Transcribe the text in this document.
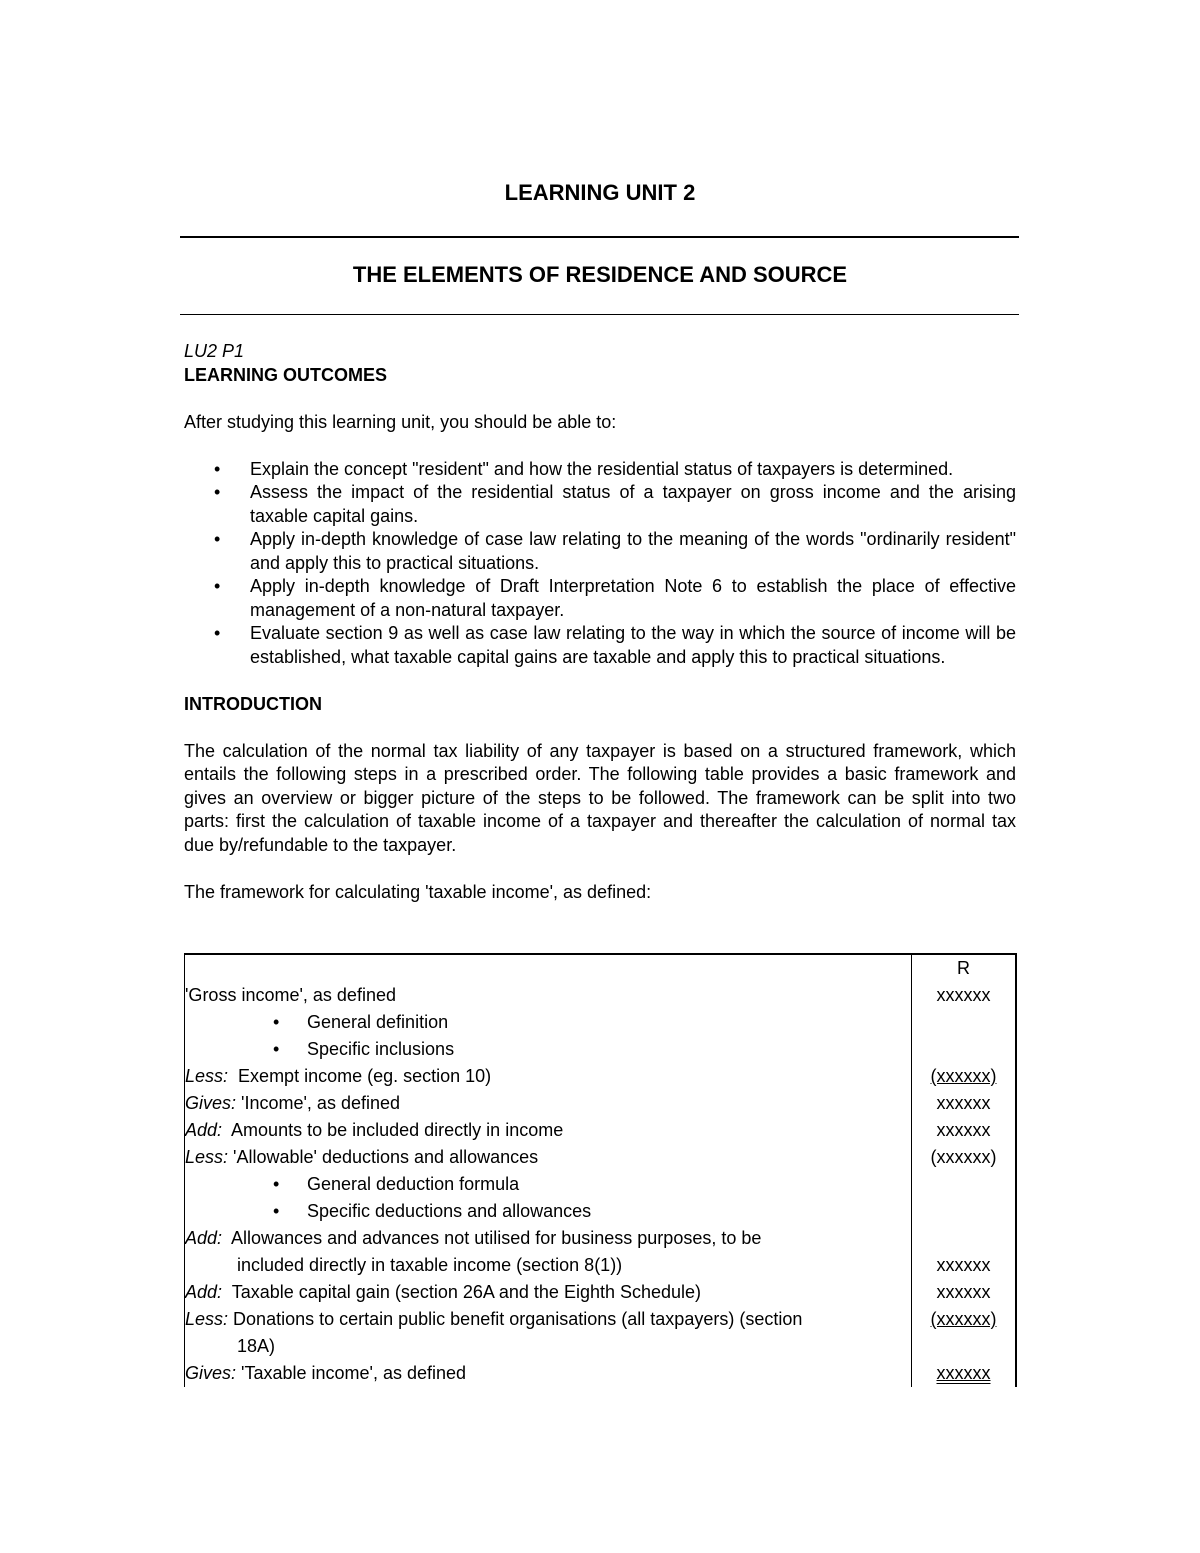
LEARNING UNIT 2
THE ELEMENTS OF RESIDENCE AND SOURCE
LU2 P1
LEARNING OUTCOMES
After studying this learning unit, you should be able to:
• Explain the concept "resident" and how the residential status of taxpayers is determined.
• Assess the impact of the residential status of a taxpayer on gross income and the arising taxable capital gains.
• Apply in-depth knowledge of case law relating to the meaning of the words "ordinarily resident" and apply this to practical situations.
• Apply in-depth knowledge of Draft Interpretation Note 6 to establish the place of effective management of a non-natural taxpayer.
• Evaluate section 9 as well as case law relating to the way in which the source of income will be established, what taxable capital gains are taxable and apply this to practical situations.
INTRODUCTION

The calculation of the normal tax liability of any taxpayer is based on a structured framework, which entails the following steps in a prescribed order. The following table provides a basic framework and gives an overview or bigger picture of the steps to be followed. The framework can be split into two parts: first the calculation of taxable income of a taxpayer and thereafter the calculation of normal tax due by/refundable to the taxpayer.

The framework for calculating 'taxable income', as defined:

	R
'Gross income', as defined	xxxxxx

• General definition

• Specific inclusions

Less: Exempt income (eg. section 10)	(xxxxxx)
Gives: 'Income', as defined	xxxxxx
Add: Amounts to be included directly in income	xxxxxx
Less: 'Allowable' deductions and allowances	(xxxxxx)

• General deduction formula

• Specific deductions and allowances

Add: Allowances and advances not utilised for business purposes, to be
included directly in taxable income (section 8(1))	xxxxxx
Add: Taxable capital gain (section 26A and the Eighth Schedule)	xxxxxx
Less: Donations to certain public benefit organisations (all taxpayers) (section
18A)	(xxxxxx)
Gives: 'Taxable income', as defined	xxxxxx
